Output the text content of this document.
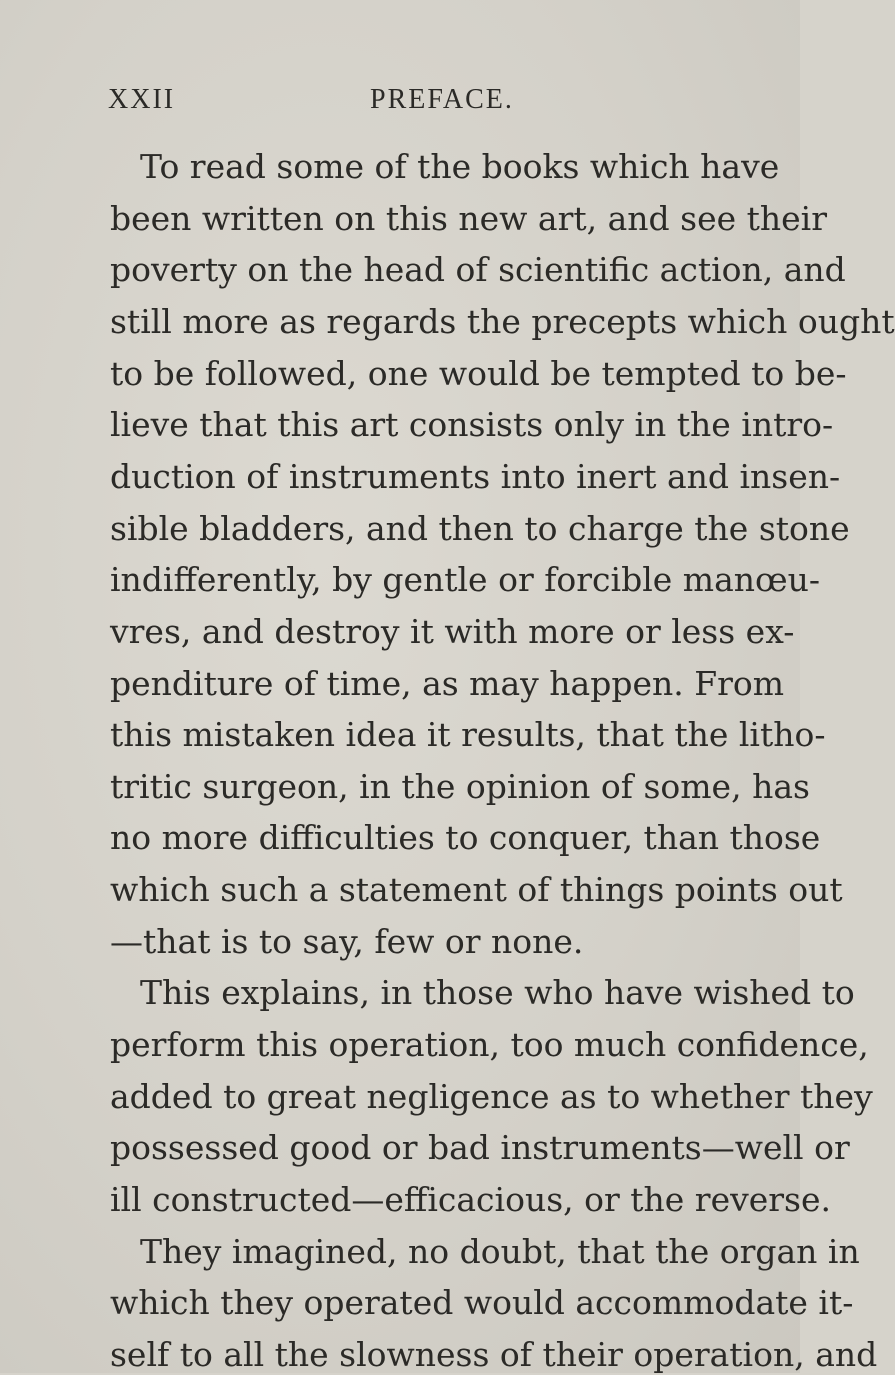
XXII	PREFACE.
To read some of the books which have
been written on this new art, and see their
poverty on the head of scientific action, and
still more as regards the precepts which ought
to be followed, one would be tempted to be-
lieve that this art consists only in the intro-
duction of instruments into inert and insen-
sible bladders, and then to charge the stone
indifferently, by gentle or forcible manœu-
vres, and destroy it with more or less ex-
penditure of time, as may happen. From
this mistaken idea it results, that the litho-
tritic surgeon, in the opinion of some, has
no more difficulties to conquer, than those
which such a statement of things points out
—that is to say, few or none.
This explains, in those who have wished to
perform this operation, too much confidence,
added to great negligence as to whether they
possessed good or bad instruments—well or
ill constructed—efficacious, or the reverse.
They imagined, no doubt, that the organ in
which they operated would accommodate it-
self to all the slowness of their operation, and
